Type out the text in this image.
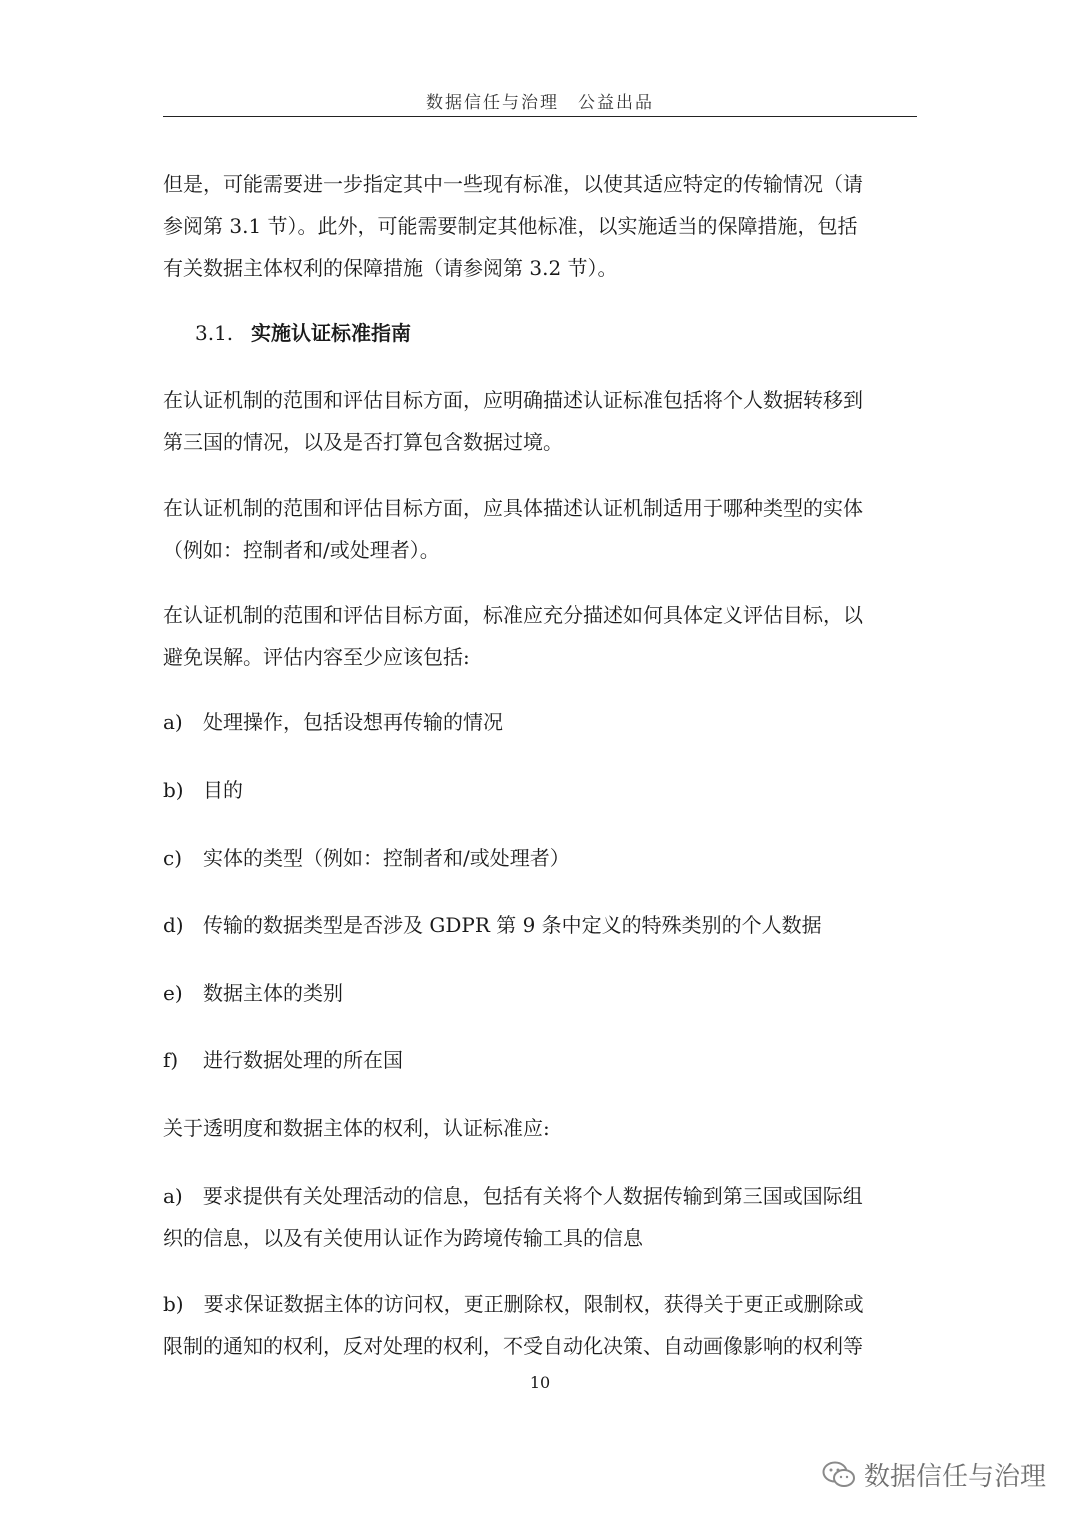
数据信任与治理　公益出品

但是，可能需要进一步指定其中一些现有标准，以使其适应特定的传输情况（请
参阅第 3.1 节）。此外，可能需要制定其他标准，以实施适当的保障措施，包括
有关数据主体权利的保障措施（请参阅第 3.2 节）。

3.1. 实施认证标准指南

在认证机制的范围和评估目标方面，应明确描述认证标准包括将个人数据转移到
第三国的情况，以及是否打算包含数据过境。

在认证机制的范围和评估目标方面，应具体描述认证机制适用于哪种类型的实体
（例如：控制者和/或处理者）。

在认证机制的范围和评估目标方面，标准应充分描述如何具体定义评估目标，以
避免误解。评估内容至少应该包括:

a) 处理操作，包括设想再传输的情况
b) 目的
c) 实体的类型（例如：控制者和/或处理者）
d) 传输的数据类型是否涉及 GDPR 第 9 条中定义的特殊类别的个人数据
e) 数据主体的类别
f) 进行数据处理的所在国
关于透明度和数据主体的权利，认证标准应:

a)　要求提供有关处理活动的信息，包括有关将个人数据传输到第三国或国际组
织的信息，以及有关使用认证作为跨境传输工具的信息

b)　要求保证数据主体的访问权，更正删除权，限制权，获得关于更正或删除或
限制的通知的权利，反对处理的权利，不受自动化决策、自动画像影响的权利等

10
数据信任与治理
